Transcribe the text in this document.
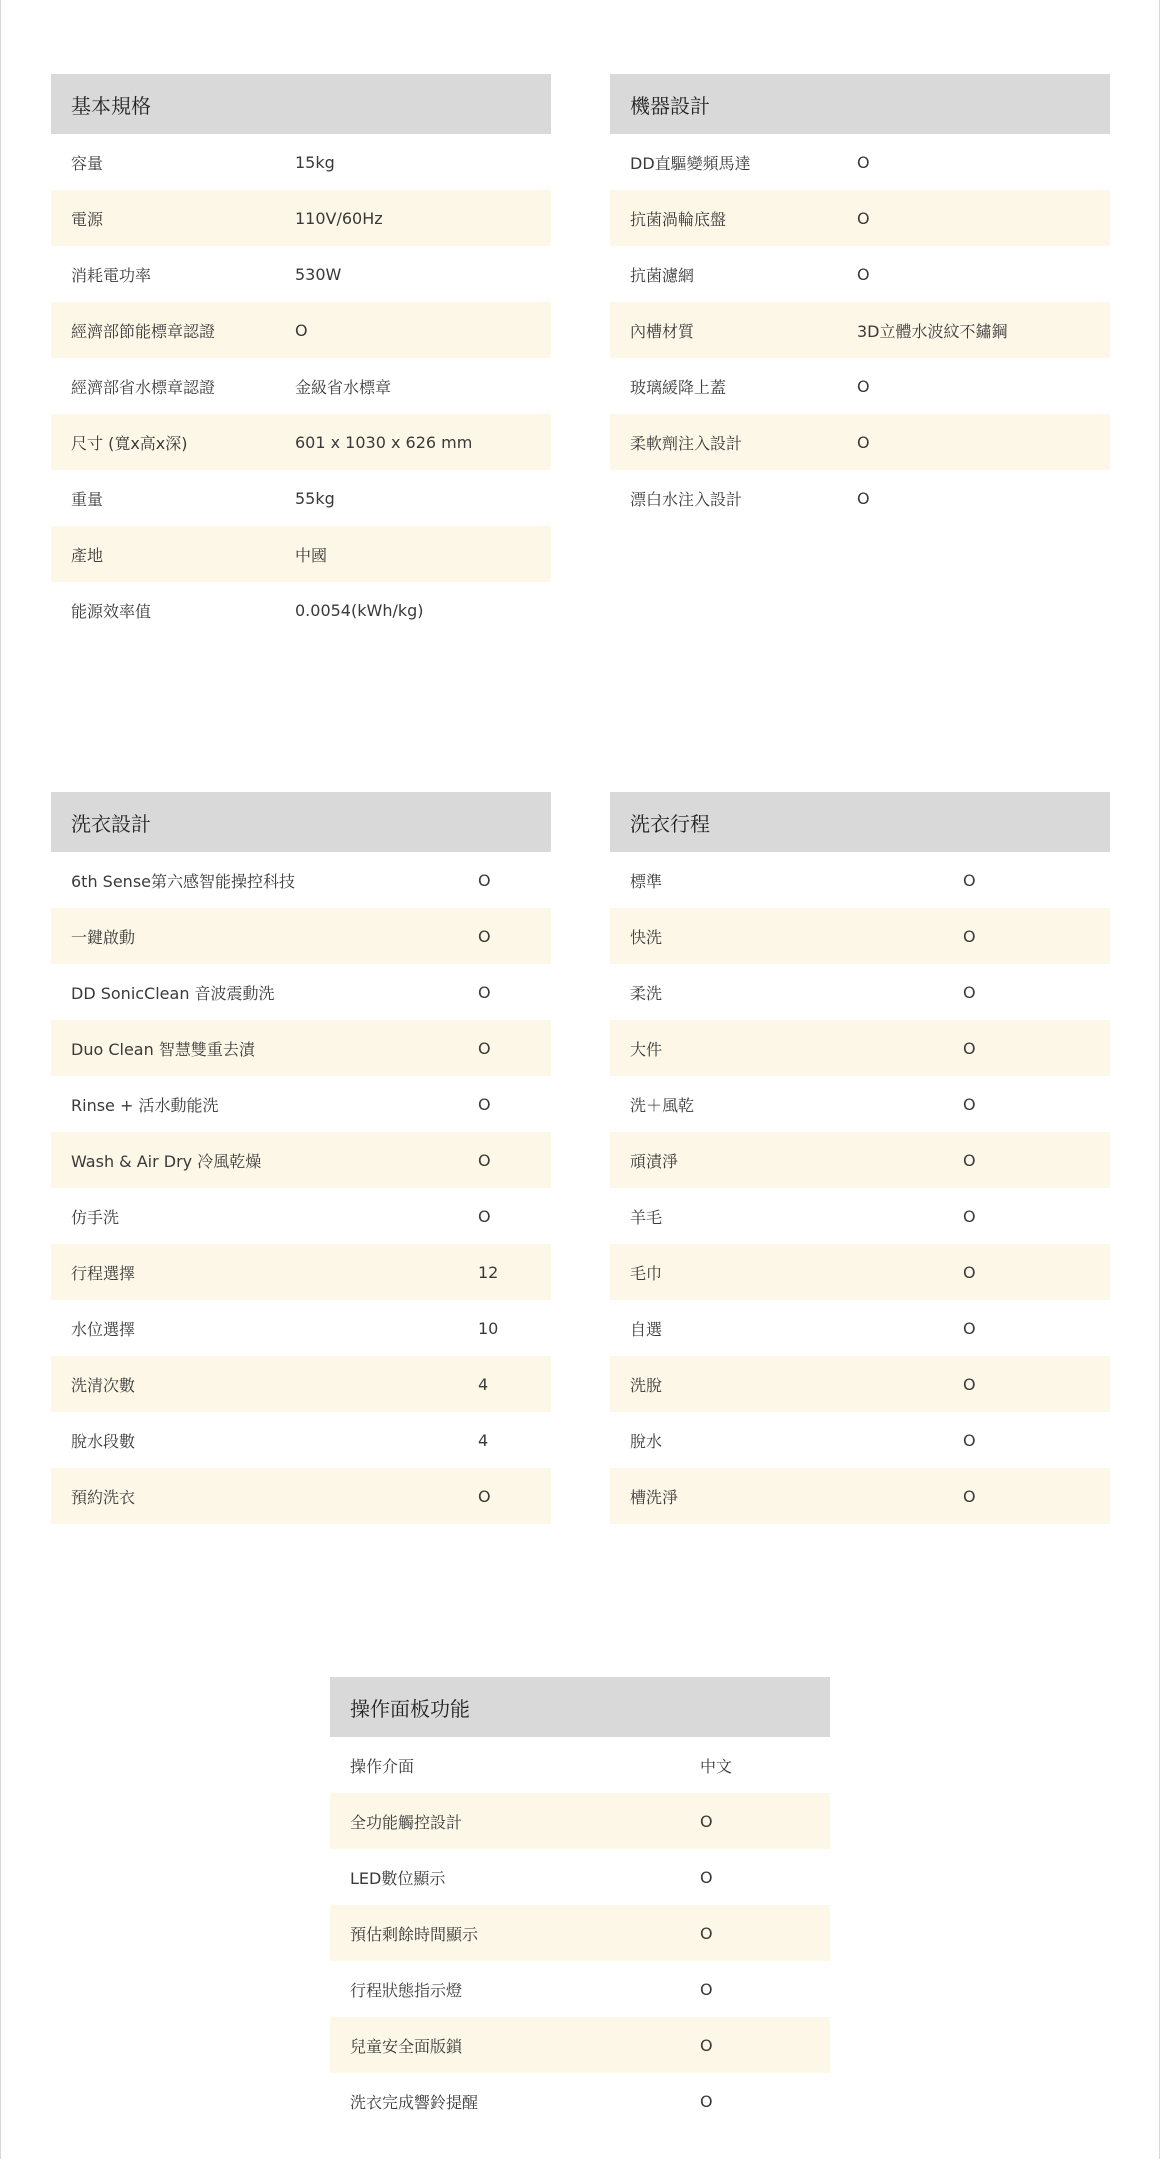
基本規格
容量	15kg
電源	110V/60Hz
消耗電功率	530W
經濟部節能標章認證	O
經濟部省水標章認證	金級省水標章
尺寸 (寬x高x深)	601 x 1030 x 626 mm
重量	55kg
產地	中國
能源效率值	0.0054(kWh/kg)
機器設計
DD直驅變頻馬達	O
抗菌渦輪底盤	O
抗菌濾網	O
內槽材質	3D立體水波紋不鏽鋼
玻璃緩降上蓋	O
柔軟劑注入設計	O
漂白水注入設計	O
洗衣設計
6th Sense第六感智能操控科技	O
一鍵啟動	O
DD SonicClean 音波震動洗	O
Duo Clean 智慧雙重去漬	O
Rinse + 活水動能洗	O
Wash & Air Dry 冷風乾燥	O
仿手洗	O
行程選擇	12
水位選擇	10
洗清次數	4
脫水段數	4
預約洗衣	O
洗衣行程
標準	O
快洗	O
柔洗	O
大件	O
洗＋風乾	O
頑漬淨	O
羊毛	O
毛巾	O
自選	O
洗脫	O
脫水	O
槽洗淨	O
操作面板功能
操作介面	中文
全功能觸控設計	O
LED數位顯示	O
預估剩餘時間顯示	O
行程狀態指示燈	O
兒童安全面版鎖	O
洗衣完成響鈴提醒	O
